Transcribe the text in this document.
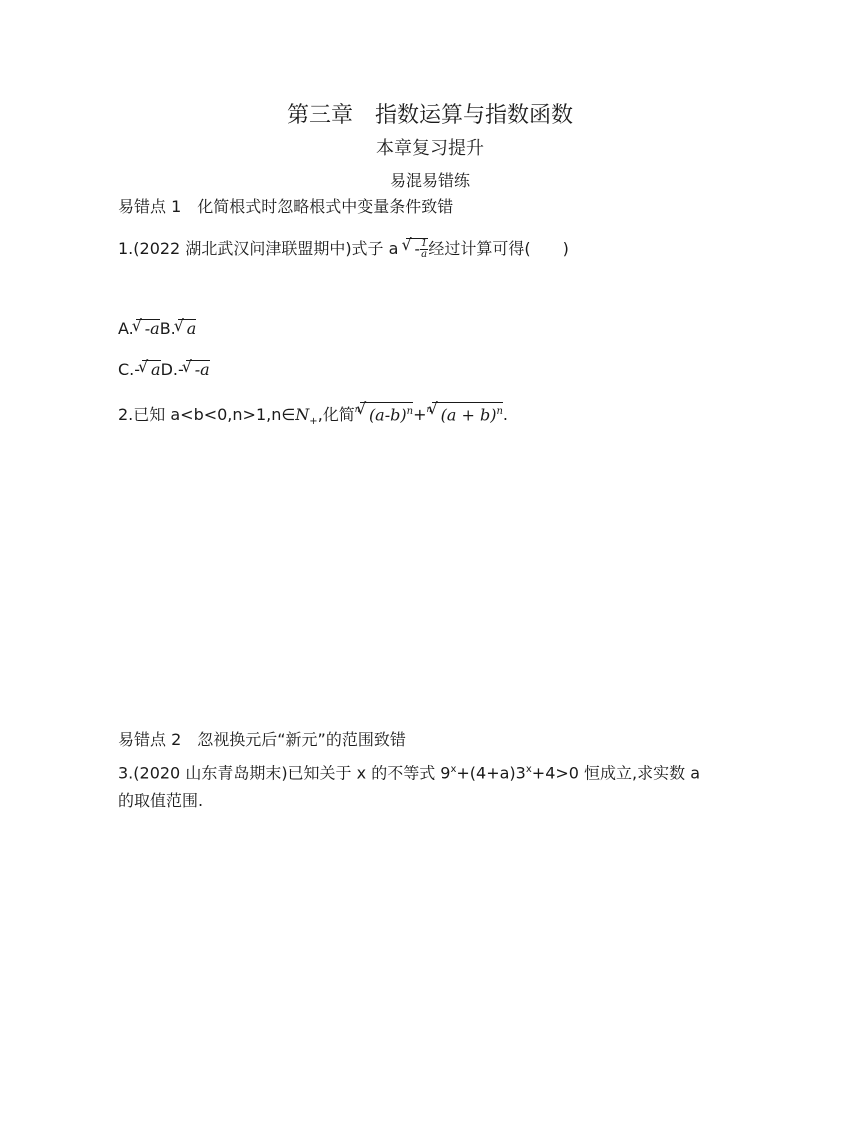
第三章　指数运算与指数函数
本章复习提升
易混易错练
易错点 1　化简根式时忽略根式中变量条件致错
1.(2022 湖北武汉问津联盟期中)式子 a √ - $\frac{1}{a}$ 经过计算可得(　　)
A.√ -aB.√ a
C.-√ aD.-√ -a
2.已知 $a<b<0,n>1,n\in N_+$,化简$^n$√ $(a-b)^n+^n√$ $(a + b)^n$.
易错点 2　忽视换元后“新元”的范围致错
3.(2020 山东青岛期末)已知关于 x 的不等式 $9^x+(4+a)3^x+4>0$ 恒成立,求实数 a
的取值范围.
